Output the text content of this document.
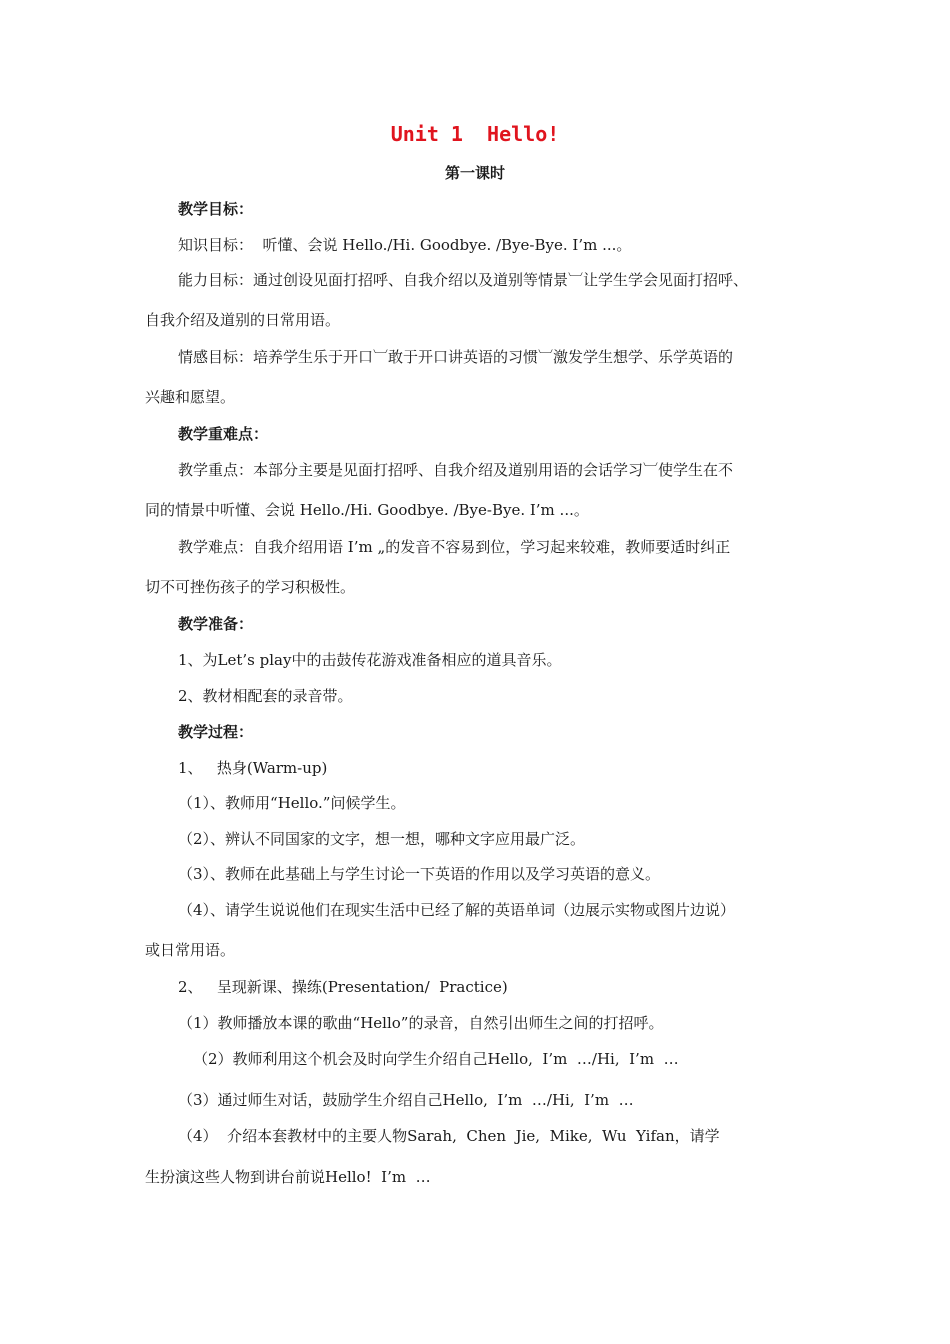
Unit 1  Hello!
第一课时
教学目标：
知识目标：  听懂、会说 Hello./Hi. Goodbye. /Bye-Bye. I’m ...。
能力目标：通过创设见面打招呼、自我介绍以及道别等情景︺让学生学会见面打招呼、
自我介绍及道别的日常用语。
情感目标：培养学生乐于开口︺敢于开口讲英语的习惯︺激发学生想学、乐学英语的
兴趣和愿望。
教学重难点：
教学重点：本部分主要是见面打招呼、自我介绍及道别用语的会话学习︺使学生在不
同的情景中听懂、会说 Hello./Hi. Goodbye. /Bye-Bye. I’m ...。
教学难点：自我介绍用语 I’m „的发音不容易到位，学习起来较难，教师要适时纠正
切不可挫伤孩子的学习积极性。
教学准备：
1、为Let’s play中的击鼓传花游戏准备相应的道具音乐。
2、教材相配套的录音带。
教学过程：
1、   热身(Warm-up)
（1）、教师用“Hello.”问候学生。
（2）、辨认不同国家的文字，想一想，哪种文字应用最广泛。
（3）、教师在此基础上与学生讨论一下英语的作用以及学习英语的意义。
（4）、请学生说说他们在现实生活中已经了解的英语单词（边展示实物或图片边说）
或日常用语。
2、   呈现新课、操练(Presentation/  Practice)
（1）教师播放本课的歌曲“Hello”的录音，自然引出师生之间的打招呼。
（2）教师利用这个机会及时向学生介绍自己Hello,  I’m  …/Hi,  I’m  …
（3）通过师生对话，鼓励学生介绍自己Hello,  I’m  …/Hi,  I’m  …
（4）  介绍本套教材中的主要人物Sarah,  Chen  Jie,  Mike,  Wu  Yifan，请学
生扮演这些人物到讲台前说Hello!  I’m  …
